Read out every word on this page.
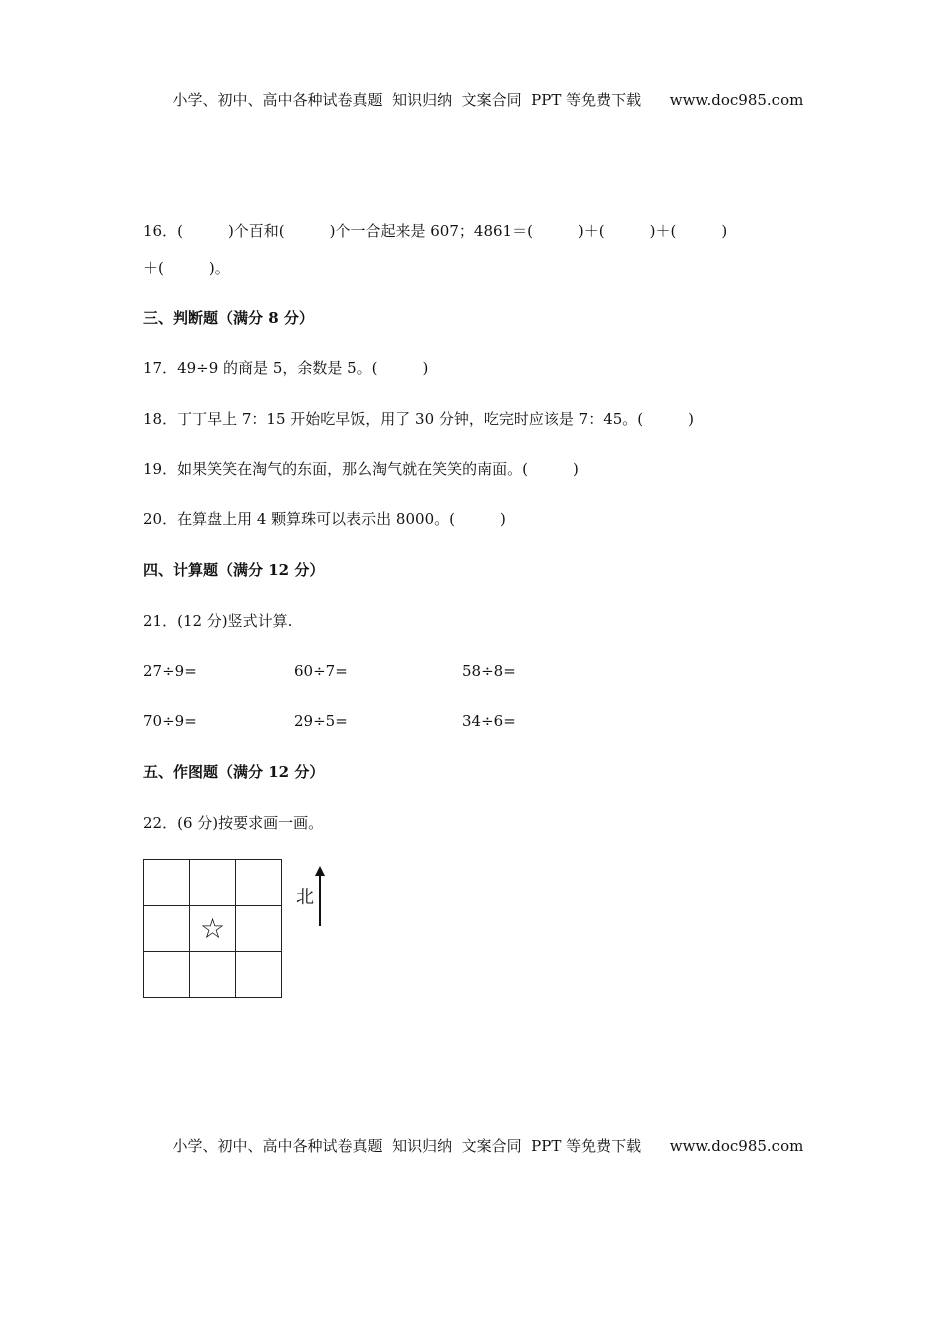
小学、初中、高中各种试卷真题  知识归纳  文案合同  PPT 等免费下载 www.doc985.com

16．(　　　)个百和(　　　)个一合起来是 607；4861＝(　　　)＋(　　　)＋(　　　)
＋(　　　)。
三、判断题（满分 8 分）
17．49÷9 的商是 5，余数是 5。(　　　)
18．丁丁早上 7：15 开始吃早饭，用了 30 分钟，吃完时应该是 7：45。(　　　)
19．如果笑笑在淘气的东面，那么淘气就在笑笑的南面。(　　　)
20．在算盘上用 4 颗算珠可以表示出 8000。(　　　)
四、计算题（满分 12 分）
21．(12 分)竖式计算.
27÷9=	60÷7=	58÷8=
70÷9=	29÷5=	34÷6=
五、作图题（满分 12 分）
22．(6 分)按要求画一画。
☆
北

小学、初中、高中各种试卷真题  知识归纳  文案合同  PPT 等免费下载 www.doc985.com
